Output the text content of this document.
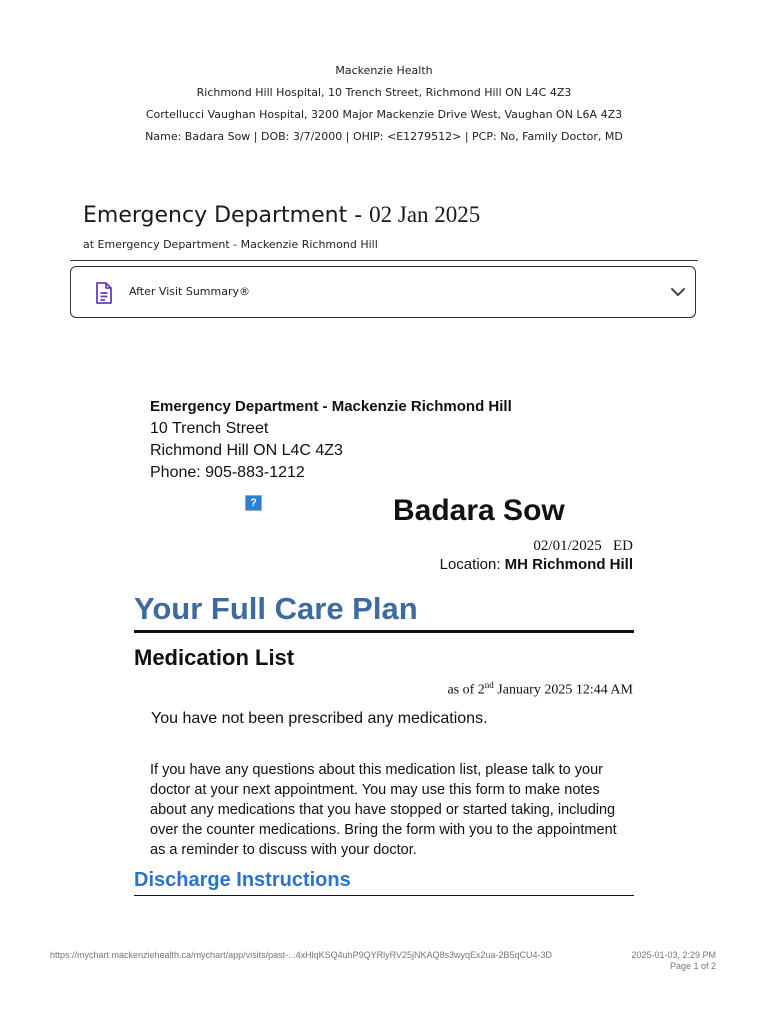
Mackenzie Health
Richmond Hill Hospital, 10 Trench Street, Richmond Hill ON L4C 4Z3
Cortellucci Vaughan Hospital, 3200 Major Mackenzie Drive West, Vaughan ON L6A 4Z3
Name: Badara Sow | DOB: 3/7/2000 | OHIP: <E1279512> | PCP: No, Family Doctor, MD
Emergency Department - 02 Jan 2025
at Emergency Department - Mackenzie Richmond Hill
After Visit Summary®
Emergency Department - Mackenzie Richmond Hill
10 Trench Street
Richmond Hill ON L4C 4Z3
Phone: 905-883-1212
?	Badara Sow
02/01/2025   ED
Location: MH Richmond Hill
Your Full Care Plan
Medication List
as of 2nd January 2025 12:44 AM
You have not been prescribed any medications.
If you have any questions about this medication list, please talk to your doctor at your next appointment. You may use this form to make notes about any medications that you have stopped or started taking, including over the counter medications. Bring the form with you to the appointment as a reminder to discuss with your doctor.
Discharge Instructions
https://mychart.mackenziehealth.ca/mychart/app/visits/past-...4xHlqKSQ4uhP9QYRlyRV25jNKAQ8s3wyqEx2ua-2B5qCU4-3D	2025-01-03, 2:29 PM
Page 1 of 2
